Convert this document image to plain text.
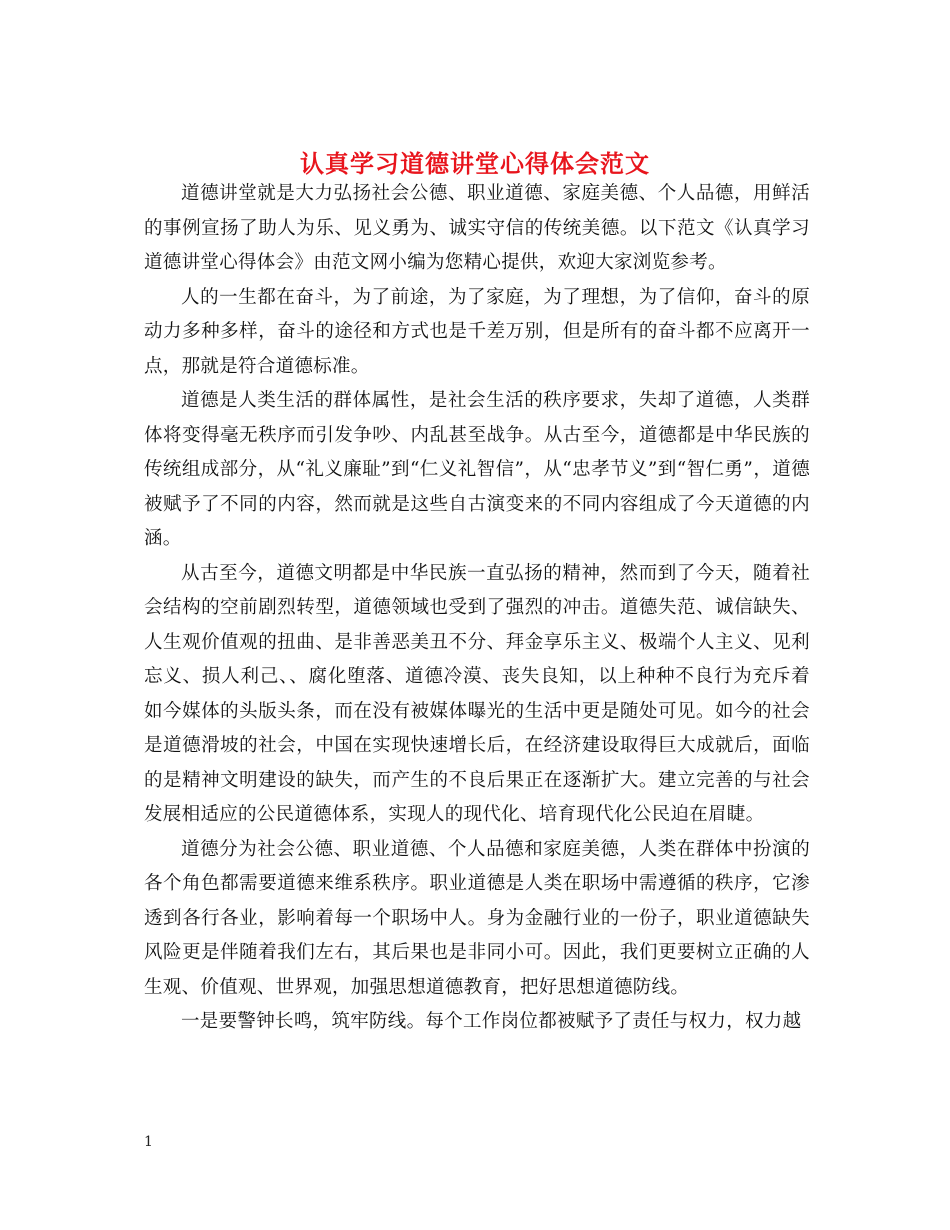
认真学习道德讲堂心得体会范文

道德讲堂就是大力弘扬社会公德、职业道德、家庭美德、个人品德，用鲜活的事例宣扬了助人为乐、见义勇为、诚实守信的传统美德。以下范文《认真学习道德讲堂心得体会》由范文网小编为您精心提供，欢迎大家浏览参考。

人的一生都在奋斗，为了前途，为了家庭，为了理想，为了信仰，奋斗的原动力多种多样，奋斗的途径和方式也是千差万别，但是所有的奋斗都不应离开一点，那就是符合道德标准。

道德是人类生活的群体属性，是社会生活的秩序要求，失却了道德，人类群体将变得毫无秩序而引发争吵、内乱甚至战争。从古至今，道德都是中华民族的传统组成部分，从“礼义廉耻”到“仁义礼智信”，从“忠孝节义”到“智仁勇”，道德被赋予了不同的内容，然而就是这些自古演变来的不同内容组成了今天道德的内涵。

从古至今，道德文明都是中华民族一直弘扬的精神，然而到了今天，随着社会结构的空前剧烈转型，道德领域也受到了强烈的冲击。道德失范、诚信缺失、人生观价值观的扭曲、是非善恶美丑不分、拜金享乐主义、极端个人主义、见利忘义、损人利己、、腐化堕落、道德冷漠、丧失良知，以上种种不良行为充斥着如今媒体的头版头条，而在没有被媒体曝光的生活中更是随处可见。如今的社会是道德滑坡的社会，中国在实现快速增长后，在经济建设取得巨大成就后，面临的是精神文明建设的缺失，而产生的不良后果正在逐渐扩大。建立完善的与社会发展相适应的公民道德体系，实现人的现代化、培育现代化公民迫在眉睫。

道德分为社会公德、职业道德、个人品德和家庭美德，人类在群体中扮演的各个角色都需要道德来维系秩序。职业道德是人类在职场中需遵循的秩序，它渗透到各行各业，影响着每一个职场中人。身为金融行业的一份子，职业道德缺失风险更是伴随着我们左右，其后果也是非同小可。因此，我们更要树立正确的人生观、价值观、世界观，加强思想道德教育，把好思想道德防线。

一是要警钟长鸣，筑牢防线。每个工作岗位都被赋予了责任与权力，权力越

1
